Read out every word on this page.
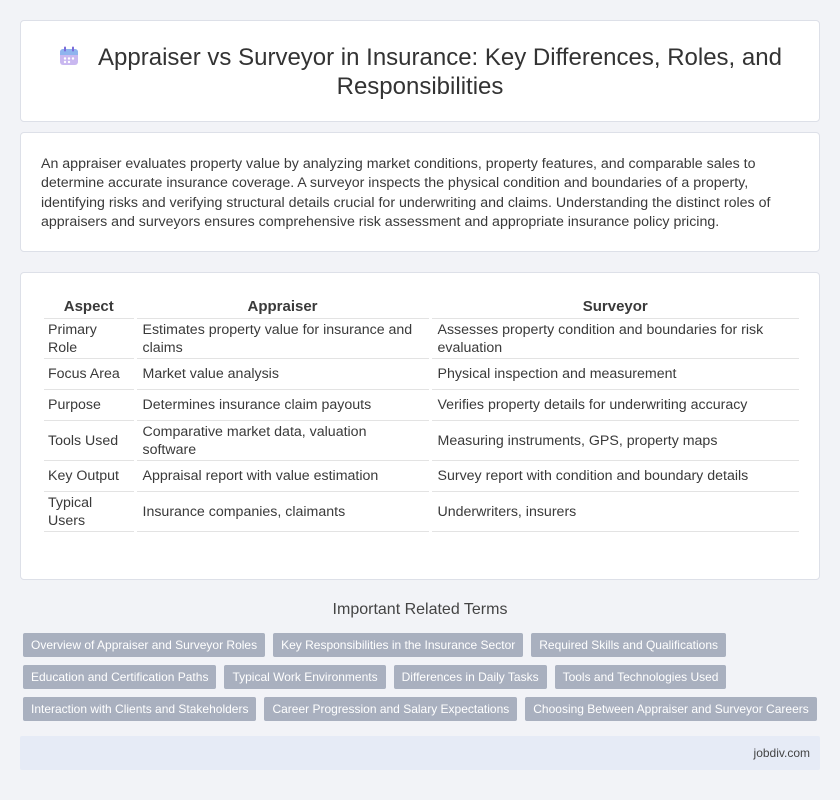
Appraiser vs Surveyor in Insurance: Key Differences, Roles, and
Responsibilities

An appraiser evaluates property value by analyzing market conditions, property features, and comparable sales to determine accurate insurance coverage. A surveyor inspects the physical condition and boundaries of a property, identifying risks and verifying structural details crucial for underwriting and claims. Understanding the distinct roles of appraisers and surveyors ensures comprehensive risk assessment and appropriate insurance policy pricing.

Aspect	Appraiser	Surveyor
Primary Role	Estimates property value for insurance and claims	Assesses property condition and boundaries for risk evaluation
Focus Area	Market value analysis	Physical inspection and measurement
Purpose	Determines insurance claim payouts	Verifies property details for underwriting accuracy
Tools Used	Comparative market data, valuation software	Measuring instruments, GPS, property maps
Key Output	Appraisal report with value estimation	Survey report with condition and boundary details
Typical Users	Insurance companies, claimants	Underwriters, insurers
Important Related Terms
Overview of Appraiser and Surveyor Roles	Key Responsibilities in the Insurance Sector	Required Skills and Qualifications
Education and Certification Paths	Typical Work Environments	Differences in Daily Tasks	Tools and Technologies Used
Interaction with Clients and Stakeholders	Career Progression and Salary Expectations	Choosing Between Appraiser and Surveyor Careers
jobdiv.com
